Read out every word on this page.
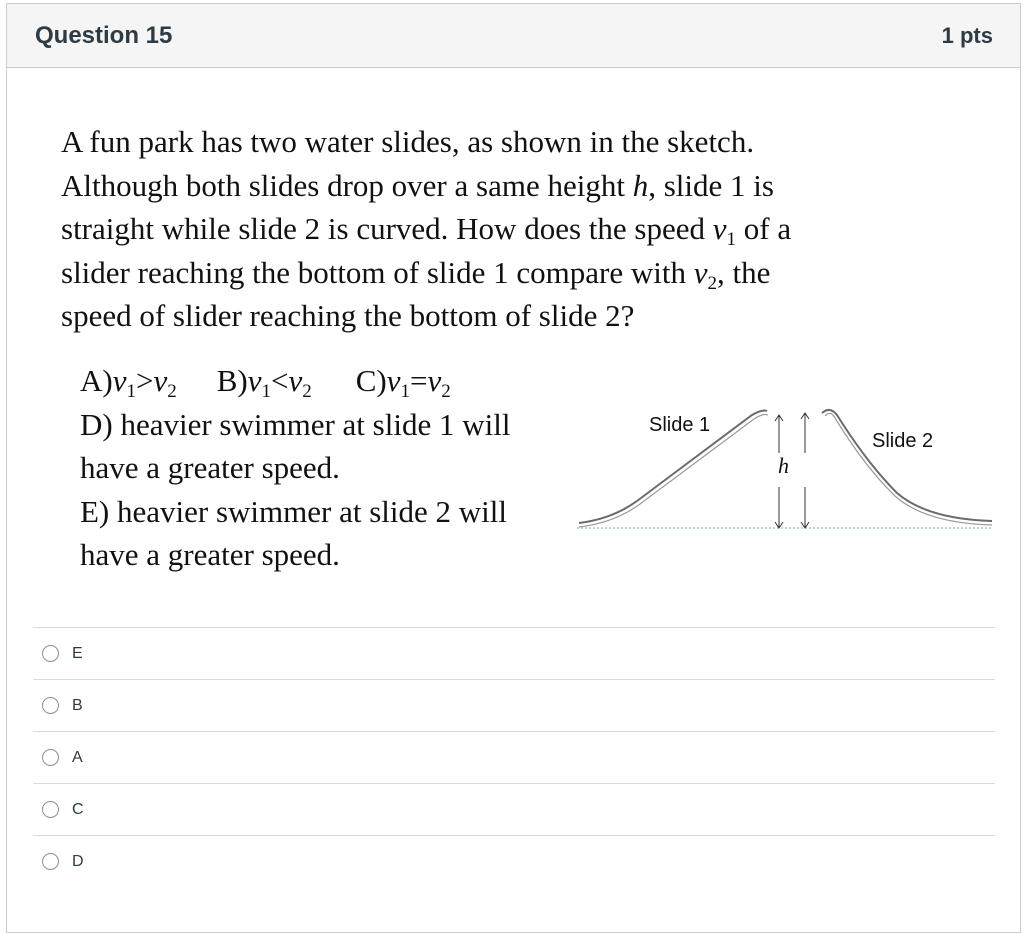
Question 15	1 pts

A fun park has two water slides, as shown in the sketch.

Although both slides drop over a same height h, slide 1 is

straight while slide 2 is curved. How does the speed $v_1$ of a

slider reaching the bottom of slide 1 compare with $v_2$, the

speed of slider reaching the bottom of slide 2?

A)v1>v2 B)v1<v2 C)v1=v2

D) heavier swimmer at slide 1 will

have a greater speed.

E) heavier swimmer at slide 2 will

have a greater speed.

Slide 1
Slide 2
h
E
B
A
C
D
